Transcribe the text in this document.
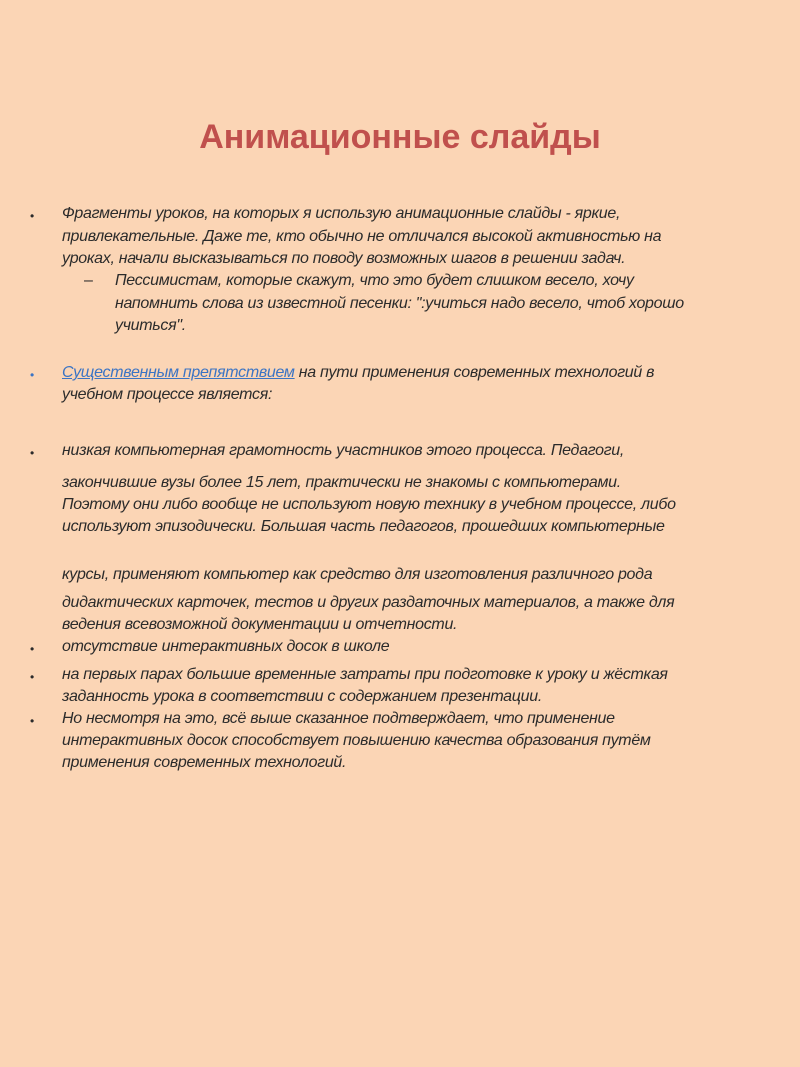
Анимационные слайды
• Фрагменты уроков, на которых я использую анимационные слайды - яркие,
привлекательные. Даже те, кто обычно не отличался высокой активностью на
уроках, начали высказываться по поводу возможных шагов в решении задач.
– Пессимистам, которые скажут, что это будет слишком весело, хочу
напомнить слова из известной песенки: ":учиться надо весело, чтоб хорошо
учиться".
• Существенным препятствием на пути применения современных технологий в
учебном процессе является:
• низкая компьютерная грамотность участников этого процесса. Педагоги,
закончившие вузы более 15 лет, практически не знакомы с компьютерами.
Поэтому они либо вообще не используют новую технику в учебном процессе, либо
используют эпизодически. Большая часть педагогов, прошедших компьютерные
курсы, применяют компьютер как средство для изготовления различного рода
дидактических карточек, тестов и других раздаточных материалов, а также для
ведения всевозможной документации и отчетности.
• отсутствие интерактивных досок в школе
• на первых парах большие временные затраты при подготовке к уроку и жёсткая
заданность урока в соответствии с содержанием презентации.
• Но несмотря на это, всё выше сказанное подтверждает, что применение
интерактивных досок способствует повышению качества образования путём
применения современных технологий.
